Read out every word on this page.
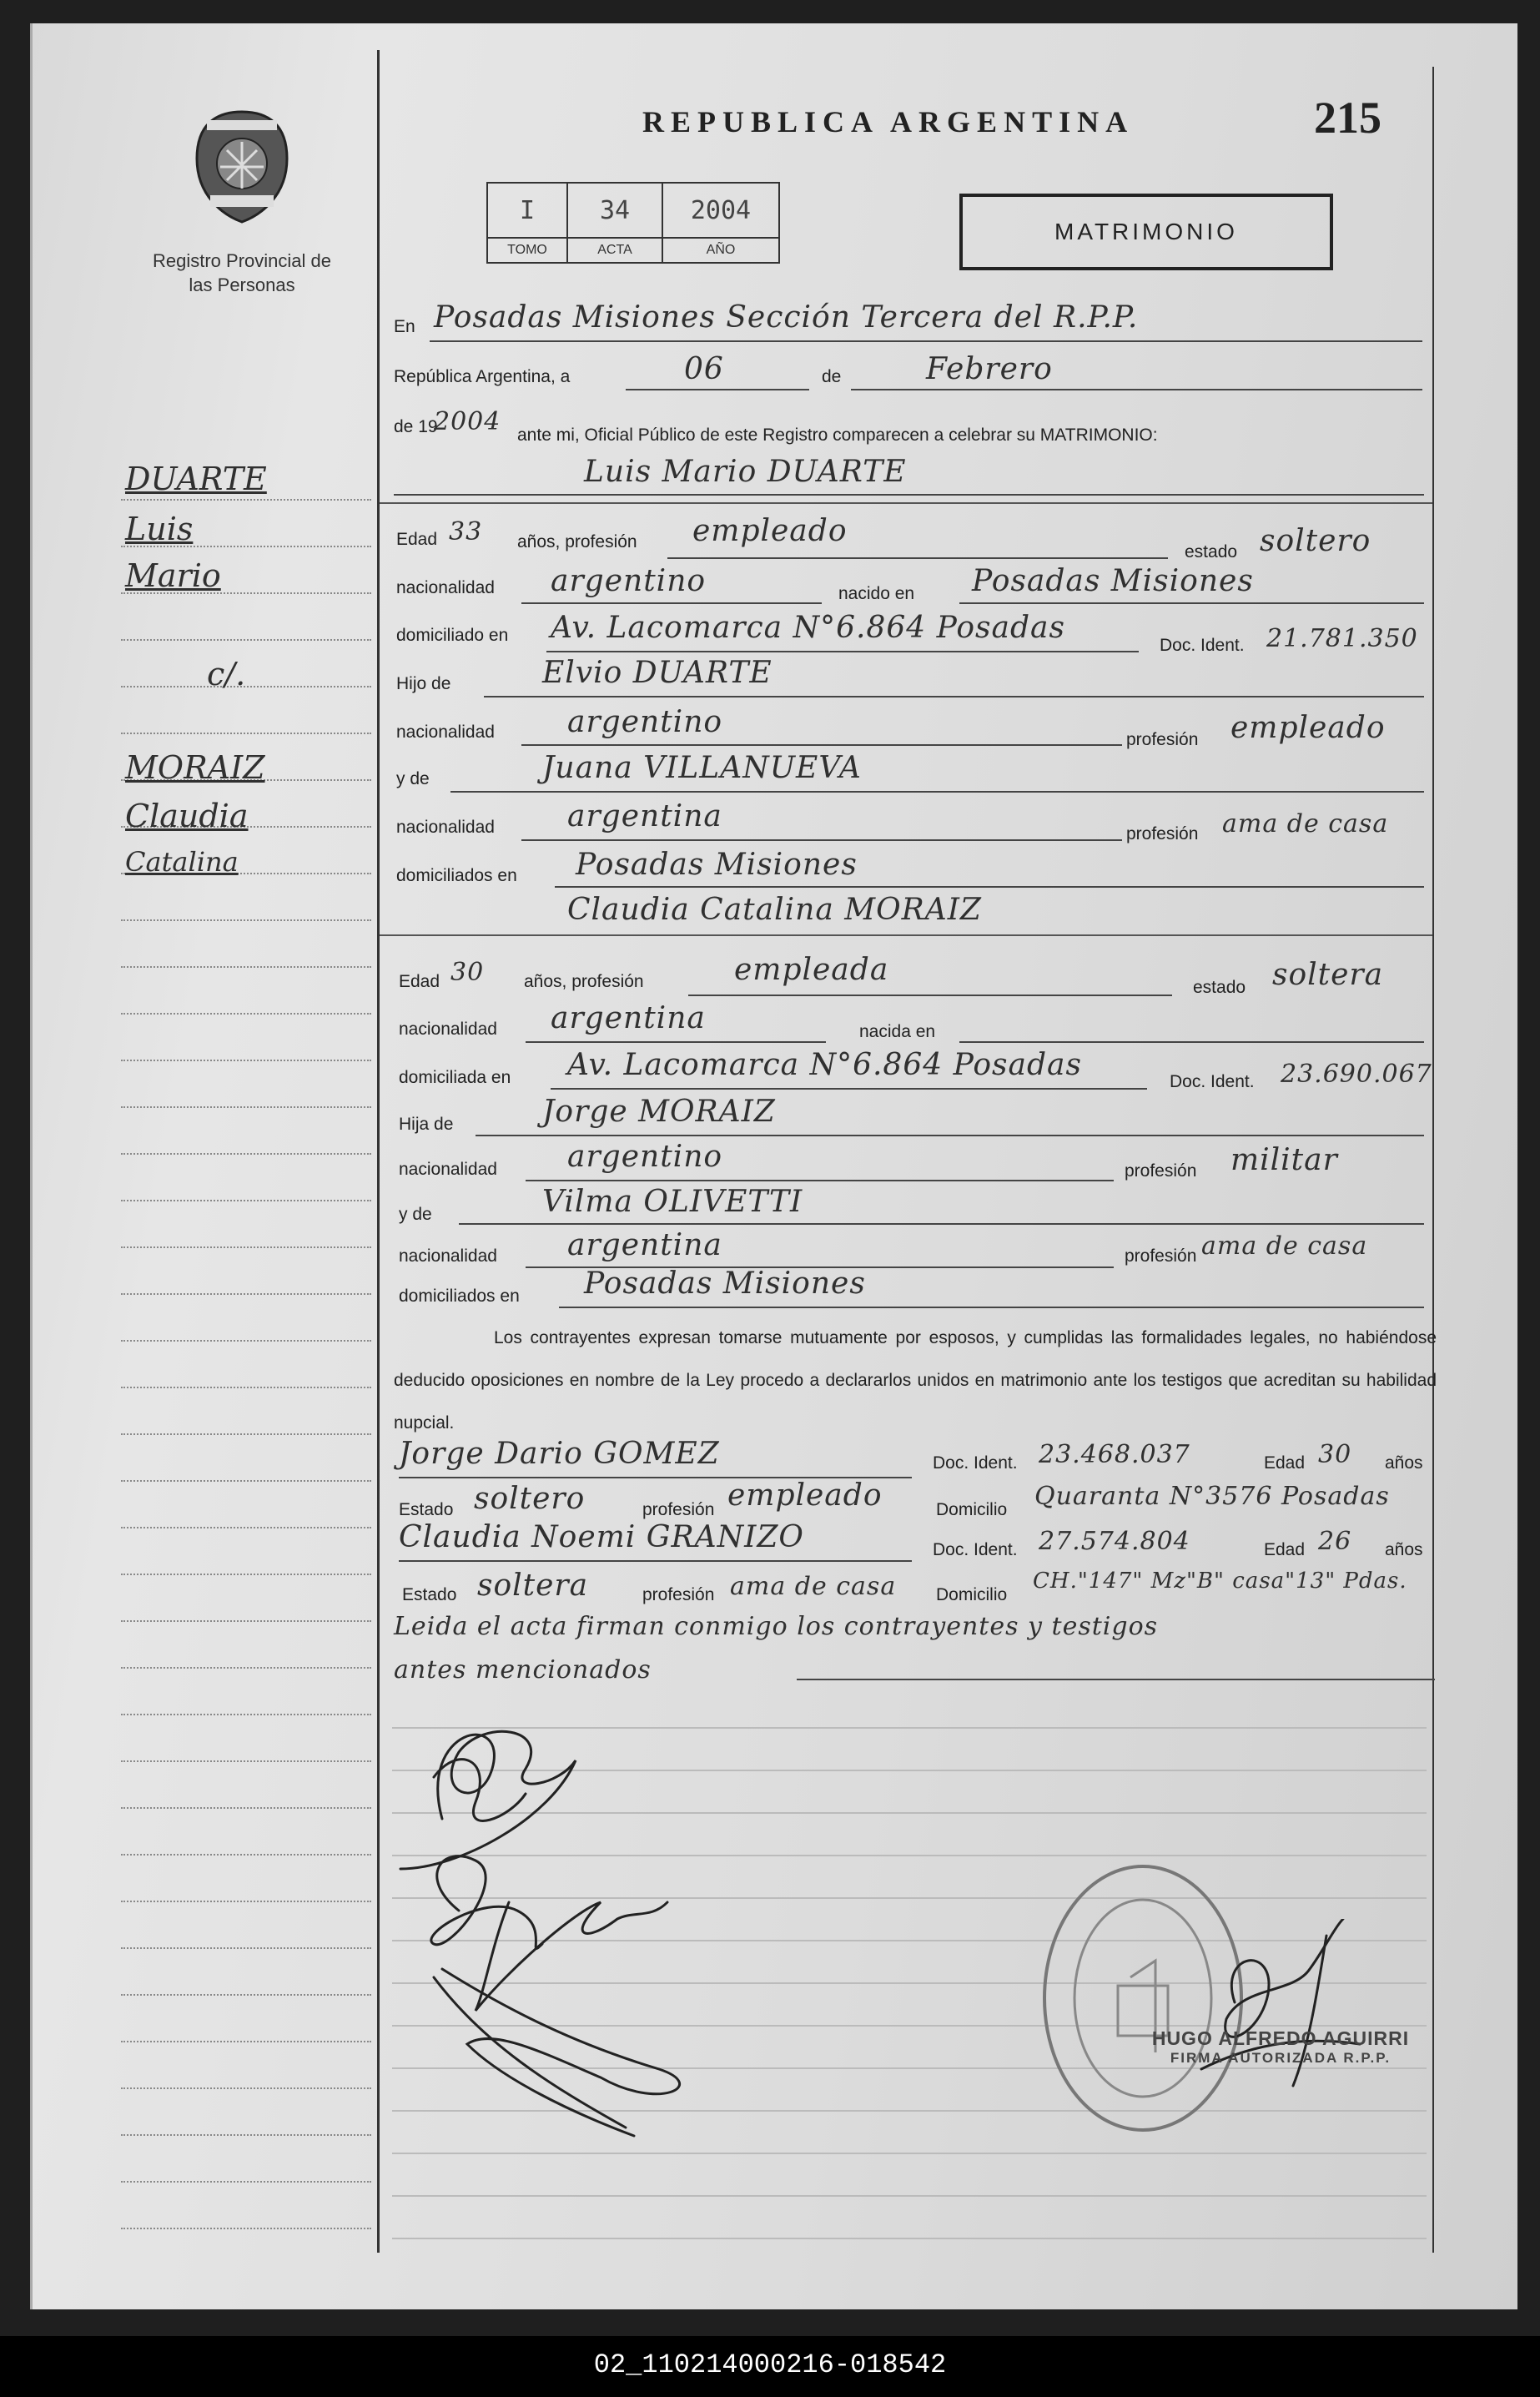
REPUBLICA ARGENTINA	215
Registro Provincial de las Personas
I	34	2004
TOMO	ACTA	AÑO
MATRIMONIO
DUARTE
Luis
Mario
c/.
MORAIZ
Claudia
Catalina
En Posadas Misiones Sección Tercera del R.P.P.
República Argentina, a	06	de	Febrero
de 19
2004 ante mi, Oficial Público de este Registro comparecen a celebrar su MATRIMONIO:
Luis Mario DUARTE
Edad 33 años, profesión empleado
estado soltero
nacionalidad argentino	nacido en Posadas Misiones
domiciliado en Av. Lacomarca N°6.864 Posadas
Doc. Ident. 21.781.350
Hijo de	Elvio DUARTE
nacionalidad argentino
profesión empleado
y de	Juana VILLANUEVA
nacionalidad argentina
profesión ama de casa
domiciliados en Posadas Misiones
Claudia Catalina MORAIZ
Edad 30 años, profesión	empleada
estado soltera
nacionalidad argentina	nacida en
domiciliada en Av. Lacomarca N°6.864 Posadas	Doc. Ident. 23.690.067
Hija de	Jorge MORAIZ
nacionalidad argentino	profesión militar
y de	Vilma OLIVETTI
nacionalidad argentina	profesión ama de casa
domiciliados en Posadas Misiones
Los contrayentes expresan tomarse mutuamente por esposos, y cumplidas las formalidades legales, no habiéndose deducido oposiciones en nombre de la Ley procedo a declararlos unidos en matrimonio ante los testigos que acreditan su habilidad nupcial.
Jorge Dario GOMEZ	Doc. Ident. 23.468.037	Edad 30 años
Estado soltero	profesión empleado	Domicilio Quaranta N°3576 Posadas
Claudia Noemi GRANIZO	Doc. Ident. 27.574.804	Edad 26 años
Estado soltera	profesión ama de casa Domicilio
CH."147" Mz"B" casa"13" Pdas.
Leida el acta firman conmigo los contrayentes y testigos
antes mencionados
HUGO ALFREDO AGUIRRI
FIRMA AUTORIZADA R.P.P.
02_110214000216-018542
